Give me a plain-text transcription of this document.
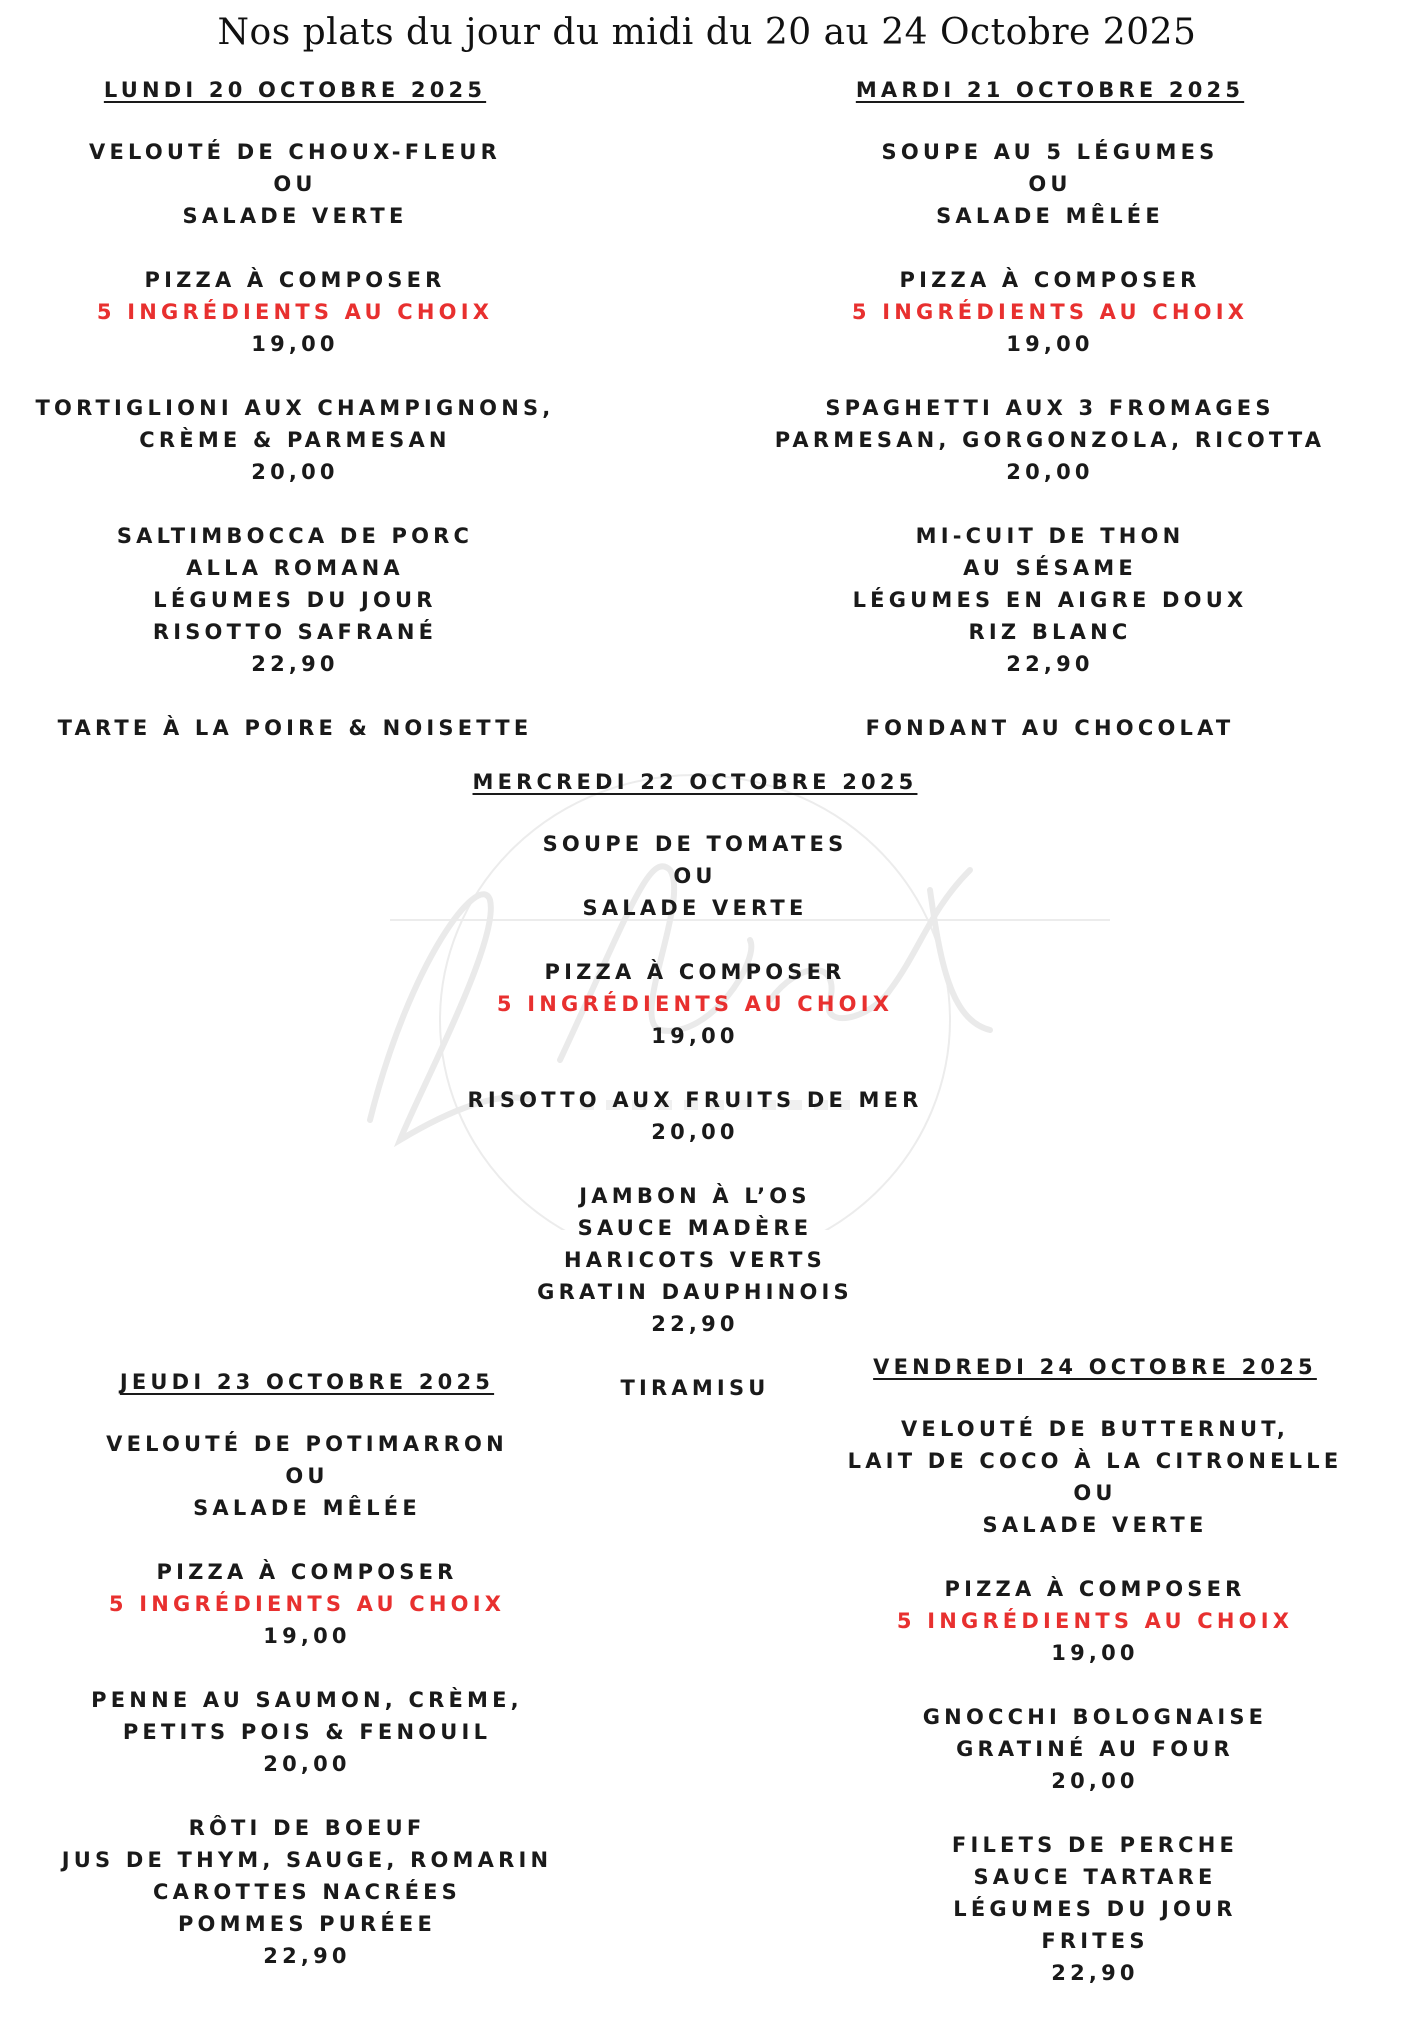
Nos plats du jour du midi du 20 au 24 Octobre 2025
LUNDI 20 OCTOBRE 2025
VELOUTÉ DE CHOUX-FLEUR
OU
SALADE VERTE
PIZZA À COMPOSER
5 INGRÉDIENTS AU CHOIX
19,00
TORTIGLIONI AUX CHAMPIGNONS,
CRÈME & PARMESAN
20,00
SALTIMBOCCA DE PORC
ALLA ROMANA
LÉGUMES DU JOUR
RISOTTO SAFRANÉ
22,90
TARTE À LA POIRE & NOISETTE
MARDI 21 OCTOBRE 2025
SOUPE AU 5 LÉGUMES
OU
SALADE MÊLÉE
PIZZA À COMPOSER
5 INGRÉDIENTS AU CHOIX
19,00
SPAGHETTI AUX 3 FROMAGES
PARMESAN, GORGONZOLA, RICOTTA
20,00
MI-CUIT DE THON
AU SÉSAME
LÉGUMES EN AIGRE DOUX
RIZ BLANC
22,90
FONDANT AU CHOCOLAT
MERCREDI 22 OCTOBRE 2025
SOUPE DE TOMATES
OU
SALADE VERTE
PIZZA À COMPOSER
5 INGRÉDIENTS AU CHOIX
19,00
RISOTTO AUX FRUITS DE MER
20,00
JAMBON À L’OS
SAUCE MADÈRE
HARICOTS VERTS
GRATIN DAUPHINOIS
22,90
TIRAMISU
JEUDI 23 OCTOBRE 2025
VELOUTÉ DE POTIMARRON
OU
SALADE MÊLÉE
PIZZA À COMPOSER
5 INGRÉDIENTS AU CHOIX
19,00
PENNE AU SAUMON, CRÈME,
PETITS POIS & FENOUIL
20,00
RÔTI DE BOEUF
JUS DE THYM, SAUGE, ROMARIN
CAROTTES NACRÉES
POMMES PURÉEE
22,90
VENDREDI 24 OCTOBRE 2025
VELOUTÉ DE BUTTERNUT,
LAIT DE COCO À LA CITRONELLE
OU
SALADE VERTE
PIZZA À COMPOSER
5 INGRÉDIENTS AU CHOIX
19,00
GNOCCHI BOLOGNAISE
GRATINÉ AU FOUR
20,00
FILETS DE PERCHE
SAUCE TARTARE
LÉGUMES DU JOUR
FRITES
22,90
